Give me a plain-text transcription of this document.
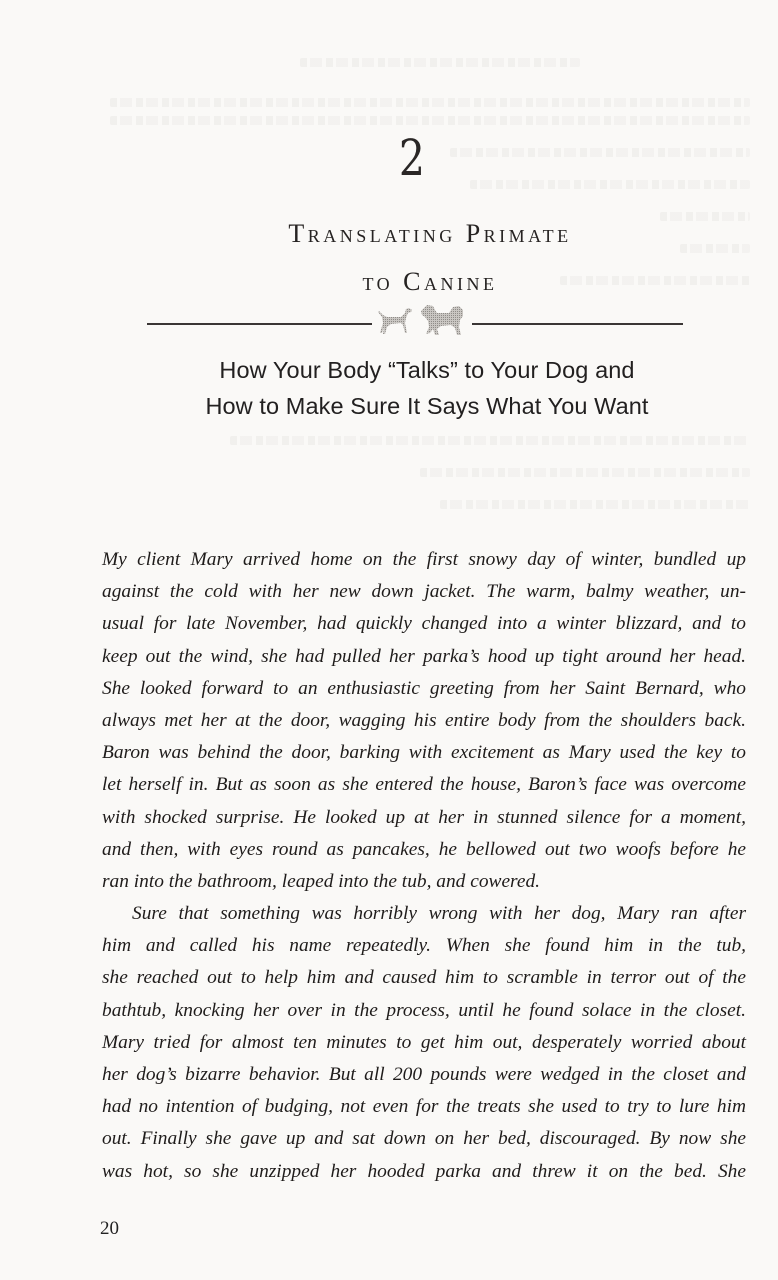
2
Translating Primate
to Canine
How Your Body “Talks” to Your Dog and
How to Make Sure It Says What You Want

My client Mary arrived home on the first snowy day of winter, bundled up
against the cold with her new down jacket. The warm, balmy weather, un-
usual for late November, had quickly changed into a winter blizzard, and to
keep out the wind, she had pulled her parka’s hood up tight around her head.
She looked forward to an enthusiastic greeting from her Saint Bernard, who
always met her at the door, wagging his entire body from the shoulders back.
Baron was behind the door, barking with excitement as Mary used the key to
let herself in. But as soon as she entered the house, Baron’s face was overcome
with shocked surprise. He looked up at her in stunned silence for a moment,
and then, with eyes round as pancakes, he bellowed out two woofs before he
ran into the bathroom, leaped into the tub, and cowered.

Sure that something was horribly wrong with her dog, Mary ran after
him and called his name repeatedly. When she found him in the tub,
she reached out to help him and caused him to scramble in terror out of the
bathtub, knocking her over in the process, until he found solace in the closet.
Mary tried for almost ten minutes to get him out, desperately worried about
her dog’s bizarre behavior. But all 200 pounds were wedged in the closet and
had no intention of budging, not even for the treats she used to try to lure him
out. Finally she gave up and sat down on her bed, discouraged. By now she
was hot, so she unzipped her hooded parka and threw it on the bed. She

20
